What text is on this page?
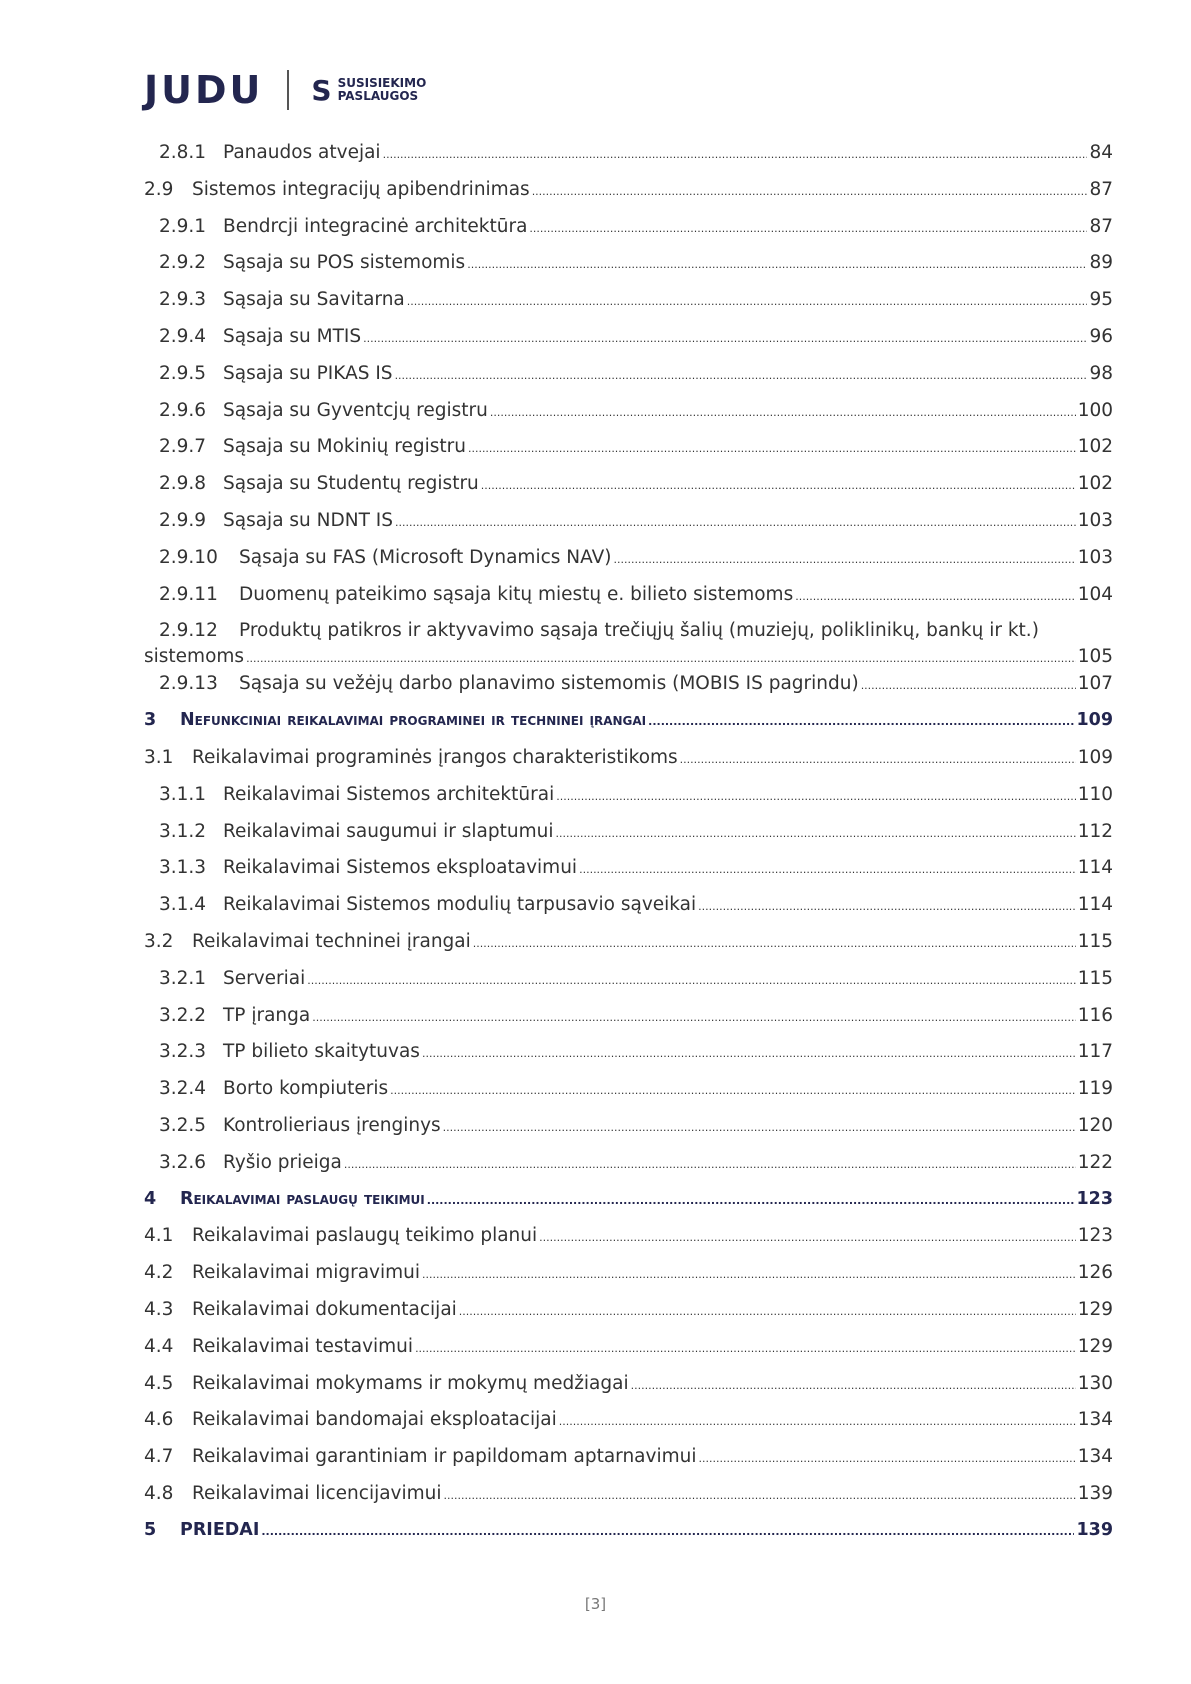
JUDU S SUSISIEKIMO
PASLAUGOS
2.8.1 Panaudos atvejai .....	84
2.9	Sistemos integracijų apibendrinimas .....	87
2.9.1 Bendrcji integracinė architektūra .....	87
2.9.2 Sąsaja su POS sistemomis .....	89
2.9.3 Sąsaja su Savitarna .....	95
2.9.4 Sąsaja su MTIS .....	96
2.9.5 Sąsaja su PIKAS IS .....	98
2.9.6 Sąsaja su Gyventcjų registru .....	100
2.9.7 Sąsaja su Mokinių registru .....	102
2.9.8 Sąsaja su Studentų registru .....	102
2.9.9 Sąsaja su NDNT IS .....	103
2.9.10	Sąsaja su FAS (Microsoft Dynamics NAV) .....	103
2.9.11	Duomenų pateikimo sąsaja kitų miestų e. bilieto sistemoms .....	104
2.9.12	Produktų patikros ir aktyvavimo sąsaja trečiųjų šalių (muziejų, poliklinikų, bankų ir kt.)
sistemoms .....	105
2.9.13	Sąsaja su vežėjų darbo planavimo sistemomis (MOBIS IS pagrindu) .....	107
3	Nefunkciniai reikalavimai programinei ir techninei įrangai .....	109
3.1	Reikalavimai programinės įrangos charakteristikoms .....	109
3.1.1 Reikalavimai Sistemos architektūrai .....	110
3.1.2 Reikalavimai saugumui ir slaptumui .....	112
3.1.3 Reikalavimai Sistemos eksploatavimui .....	114
3.1.4 Reikalavimai Sistemos modulių tarpusavio sąveikai .....	114
3.2	Reikalavimai techninei įrangai .....	115
3.2.1 Serveriai .....	115
3.2.2 TP įranga .....	116
3.2.3 TP bilieto skaitytuvas .....	117
3.2.4 Borto kompiuteris .....	119
3.2.5 Kontrolieriaus įrenginys .....	120
3.2.6 Ryšio prieiga .....	122
4	Reikalavimai paslaugų teikimui .....	123
4.1	Reikalavimai paslaugų teikimo planui .....	123
4.2	Reikalavimai migravimui .....	126
4.3	Reikalavimai dokumentacijai .....	129
4.4	Reikalavimai testavimui .....	129
4.5	Reikalavimai mokymams ir mokymų medžiagai .....	130
4.6	Reikalavimai bandomajai eksploatacijai .....	134
4.7	Reikalavimai garantiniam ir papildomam aptarnavimui .....	134
4.8	Reikalavimai licencijavimui .....	139
5	PRIEDAI .....	139
[3]
